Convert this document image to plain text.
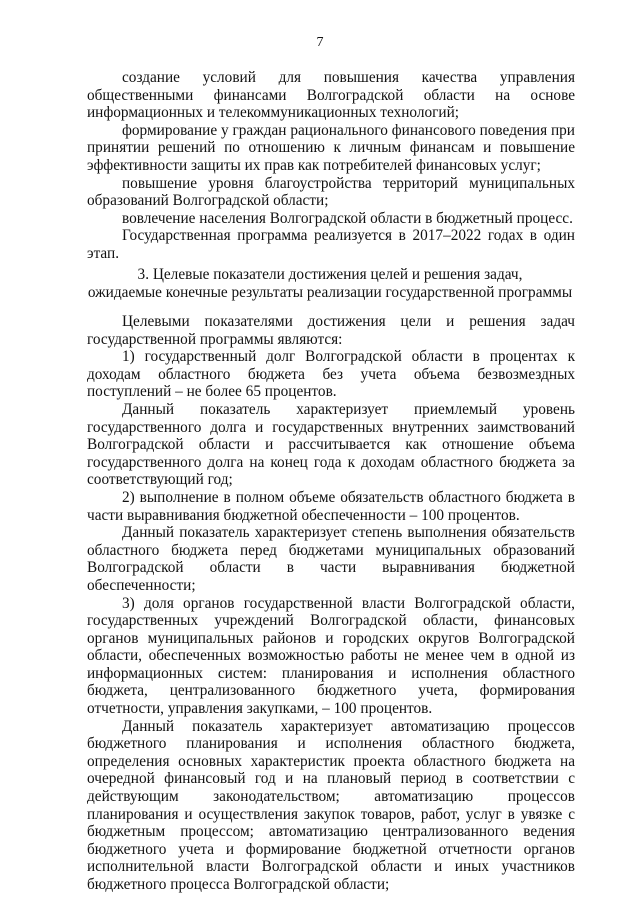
7

создание условий для повышения качества управления общественными финансами Волгоградской области на основе информационных и телекоммуникационных технологий;

формирование у граждан рационального финансового поведения при принятии решений по отношению к личным финансам и повышение эффективности защиты их прав как потребителей финансовых услуг;

повышение уровня благоустройства территорий муниципальных образований Волгоградской области;

вовлечение населения Волгоградской области в бюджетный процесс.

Государственная программа реализуется в 2017–2022 годах в один этап.

3. Целевые показатели достижения целей и решения задач,
ожидаемые конечные результаты реализации государственной программы

Целевыми показателями достижения цели и решения задач государственной программы являются:

1) государственный долг Волгоградской области в процентах к доходам областного бюджета без учета объема безвозмездных поступлений – не более 65 процентов.

Данный показатель характеризует приемлемый уровень государственного долга и государственных внутренних заимствований Волгоградской области и рассчитывается как отношение объема государственного долга на конец года к доходам областного бюджета за соответствующий год;

2) выполнение в полном объеме обязательств областного бюджета в части выравнивания бюджетной обеспеченности – 100 процентов.

Данный показатель характеризует степень выполнения обязательств областного бюджета перед бюджетами муниципальных образований Волгоградской области в части выравнивания бюджетной обеспеченности;

3) доля органов государственной власти Волгоградской области, государственных учреждений Волгоградской области, финансовых органов муниципальных районов и городских округов Волгоградской области, обеспеченных возможностью работы не менее чем в одной из информационных систем: планирования и исполнения областного бюджета, централизованного бюджетного учета, формирования отчетности, управления закупками, – 100 процентов.

Данный показатель характеризует автоматизацию процессов бюджетного планирования и исполнения областного бюджета, определения основных характеристик проекта областного бюджета на очередной финансовый год и на плановый период в соответствии с действующим законодательством; автоматизацию процессов планирования и осуществления закупок товаров, работ, услуг в увязке с бюджетным процессом; автоматизацию централизованного ведения бюджетного учета и формирование бюджетной отчетности органов исполнительной власти Волгоградской области и иных участников бюджетного процесса Волгоградской области;
